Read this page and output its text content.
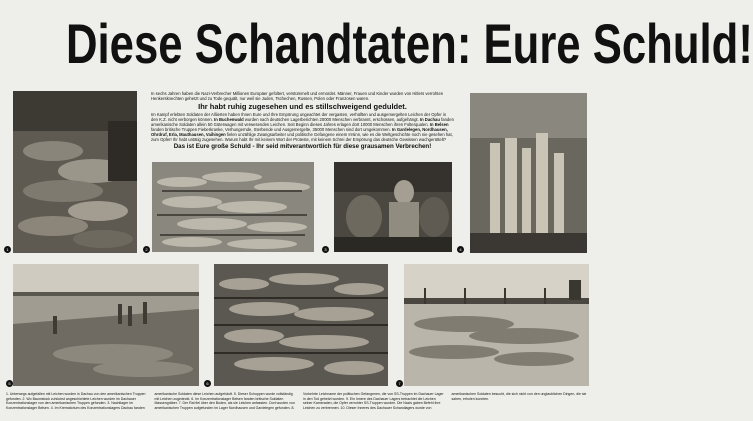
Diese Schandtaten: Eure Schuld!
1	2	3	4
5	6	7
In sechs Jahren haben die Nazi-Verbrecher Millionen Europäer gefoltert, verstümmelt und ermordet. Männer, Frauen und Kinder wurden von Hitlers verrohten Henkersknechten gehetzt und zu Tode gequält, nur weil sie Juden, Tschechen, Russen, Polen oder Franzosen waren.
Ihr habt ruhig zugesehen und es stillschweigend geduldet.
Im Kampf erlebten Soldaten der Alliierten haben Ihnen Eure und Ihre Empörung ungeachtet der vergasten, verhüllten und ausgemergelten Leichen der Opfer in den K.Z. nicht verborgen können. In Buchenwald wurden nach deutschen Lagerberichten 20000 Menschen verbrannt, erschossen, aufgehängt. In Dachau fanden amerikanische Soldaten allein 50 Güterwagen mit verwesenden Leichen. Seit Beginn dieses Jahres erlagen dort 10000 Menschen ihren Folterqualen. In Belsen fanden britische Truppen Fieberkranke, Verhungernde, Sterbende und Ausgemergelte, 35000 Menschen sind dort umgekommen. In Gardelegen, Nordhausen, Ohrdruf, Erla, Mauthausen, Vaihingen fielen unzählige Zwangsarbeiter und politische Gefangene einem Irrsinn, wie es die Weltgeschichte noch nie gesehen hat, zum Opfer! Ihr habt untätig zugesehen. Warum habt Ihr mit keinem Wort der Proteste, mit keinem Schrei der Empörung das deutsche Gewissen wachgerüttelt?
Das ist Eure große Schuld - Ihr seid mitverantwortlich für diese grausamen Verbrechen!
1. Unterwegs aufgefallen mit Leichen wurden in Dachau von den amerikanischen Truppen gefunden. 2. Wo Baumstock zuhöchst angeschichtete Leichen wurden im Dachauer Konzentrationslager von den amerikanischen Truppen gefunden. 3. Nachtlager im Konzentrationslager Belsen. 4. Im Krematorium des Konzentrationslagers Dachau fanden amerikanische Soldaten diese Leichen aufgehäuft. 5. Dieser Schuppen wurde vollständig mit Leichen zugedeckt. 6. Im Konzentrationslager Belsen fanden britische Soldaten Massengräber. 7. Der Rat fiel über den Boden, als sie Leichen anfassten. Dort wurden von amerikanischen Truppen aufgefunden im Lager Nordhausen und Gardelegen gefunden. 8. Vorkehrte Leichname der politischen Gefangenen, die von SS-Truppen im Dachauer Lager in den Tod gehetzt wurden. 9. Ein Innere des Dachauer Lagers betrachtet die Leichen seiner Kameraden, die Opfer verrohter SS-Truppen wurden. Die Nazis gaben Befehl ihre Leichen zu verbrennen. 10. Dieser Inneres des Dachauer Schandlagers wurde von amerikanischen Soldaten besucht, die sich nicht von den unglaublichen Dingen, die sie sahen, erholen konnten.
